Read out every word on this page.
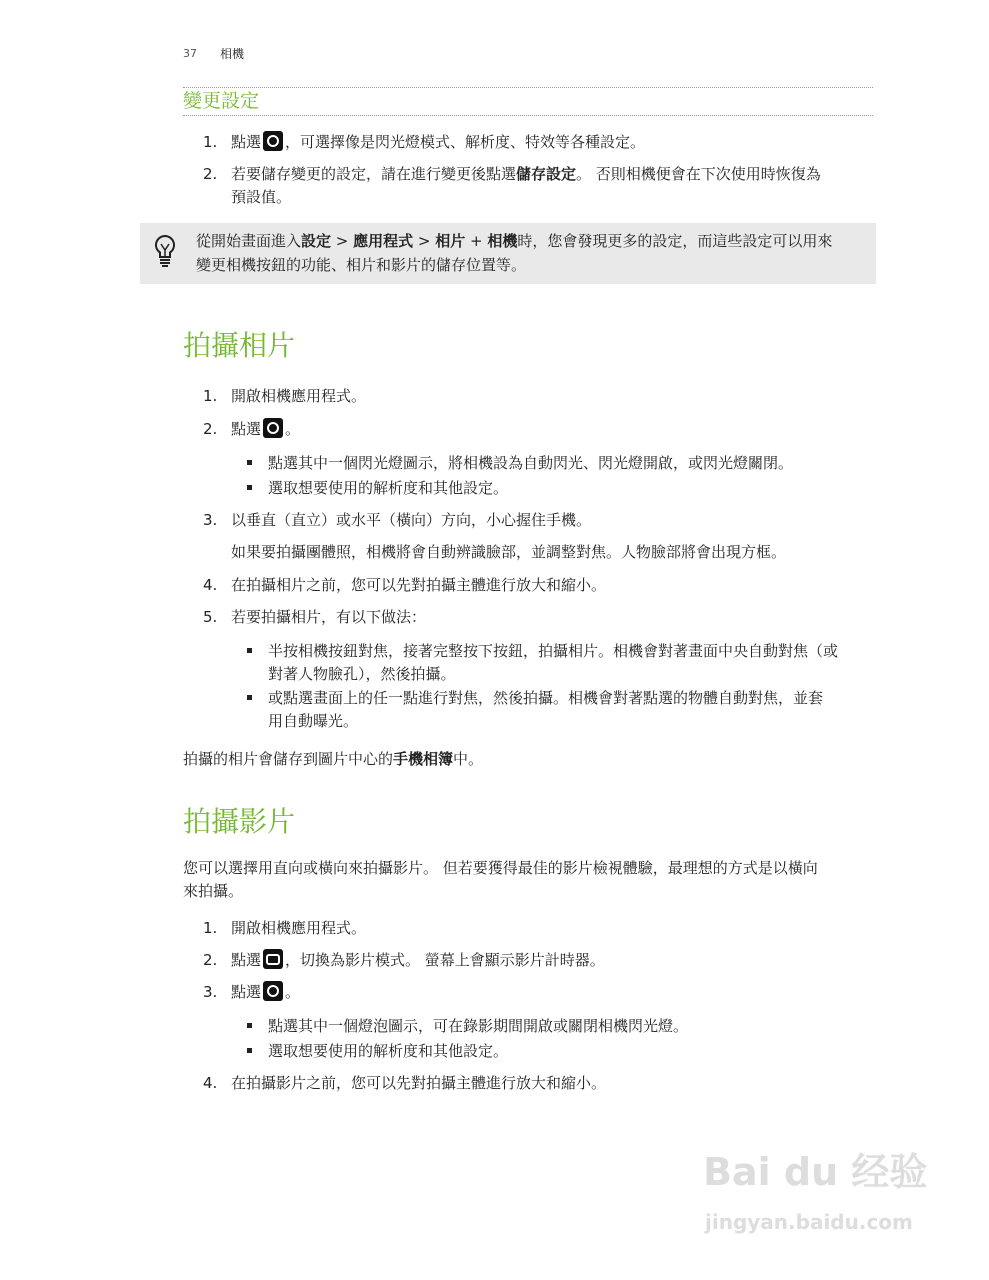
37 相機
變更設定
1. 點選 ，可選擇像是閃光燈模式、解析度、特效等各種設定。
2. 若要儲存變更的設定，請在進行變更後點選儲存設定。 否則相機便會在下次使用時恢復為
預設值。
從開始畫面進入設定 > 應用程式 > 相片 + 相機時，您會發現更多的設定，而這些設定可以用來
變更相機按鈕的功能、相片和影片的儲存位置等。
拍攝相片
1. 開啟相機應用程式。
2. 點選 。
點選其中一個閃光燈圖示，將相機設為自動閃光、閃光燈開啟，或閃光燈關閉。
選取想要使用的解析度和其他設定。
3. 以垂直（直立）或水平（橫向）方向，小心握住手機。
如果要拍攝團體照，相機將會自動辨識臉部，並調整對焦。人物臉部將會出現方框。
4. 在拍攝相片之前，您可以先對拍攝主體進行放大和縮小。
5. 若要拍攝相片，有以下做法：
半按相機按鈕對焦，接著完整按下按鈕，拍攝相片。相機會對著畫面中央自動對焦（或
對著人物臉孔），然後拍攝。
或點選畫面上的任一點進行對焦，然後拍攝。相機會對著點選的物體自動對焦，並套
用自動曝光。
拍攝的相片會儲存到圖片中心的手機相簿中。
拍攝影片
您可以選擇用直向或橫向來拍攝影片。 但若要獲得最佳的影片檢視體驗，最理想的方式是以橫向
來拍攝。
1. 開啟相機應用程式。
2. 點選 ，切換為影片模式。 螢幕上會顯示影片計時器。
3. 點選 。
點選其中一個燈泡圖示，可在錄影期間開啟或關閉相機閃光燈。
選取想要使用的解析度和其他設定。
4. 在拍攝影片之前，您可以先對拍攝主體進行放大和縮小。
Bai du 经验
jingyan.baidu.com
